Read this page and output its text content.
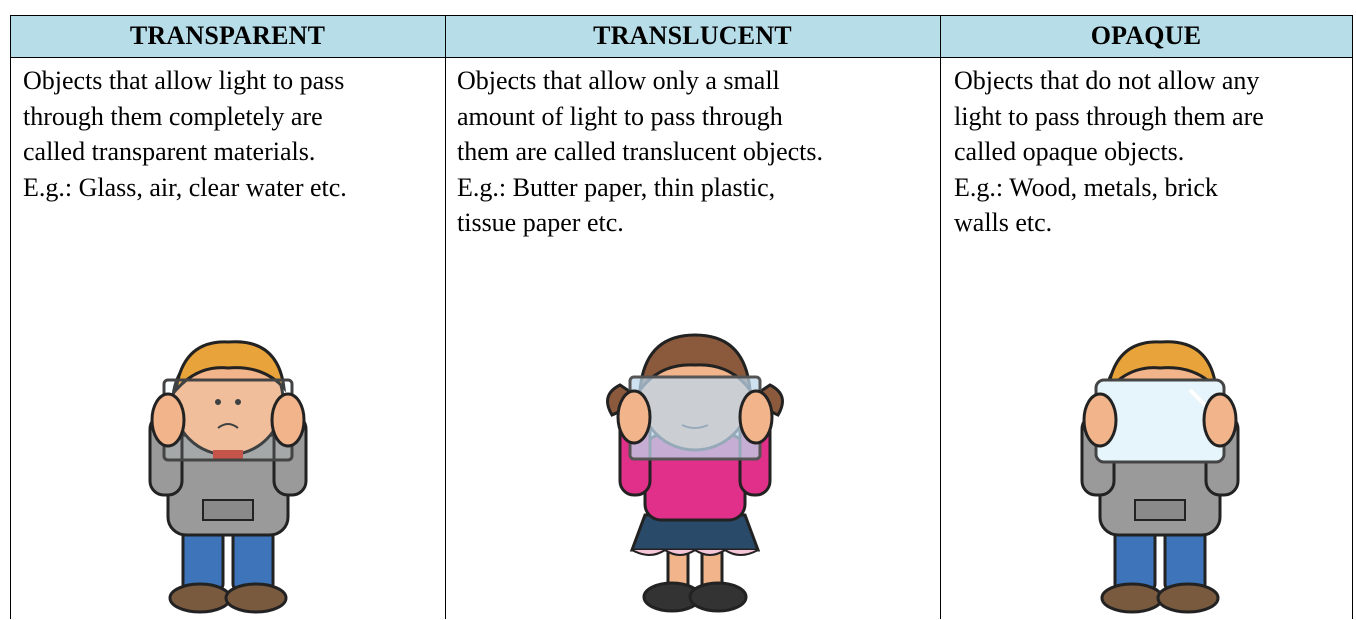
TRANSPARENT	TRANSLUCENT	OPAQUE
Objects that allow light to pass
through them completely are
called transparent materials.
E.g.: Glass, air, clear water etc.
Objects that allow only a small
amount of light to pass through
them are called translucent objects.
E.g.: Butter paper, thin plastic,
tissue paper etc.
Objects that do not allow any
light to pass through them are
called opaque objects.
E.g.: Wood, metals, brick
walls etc.
